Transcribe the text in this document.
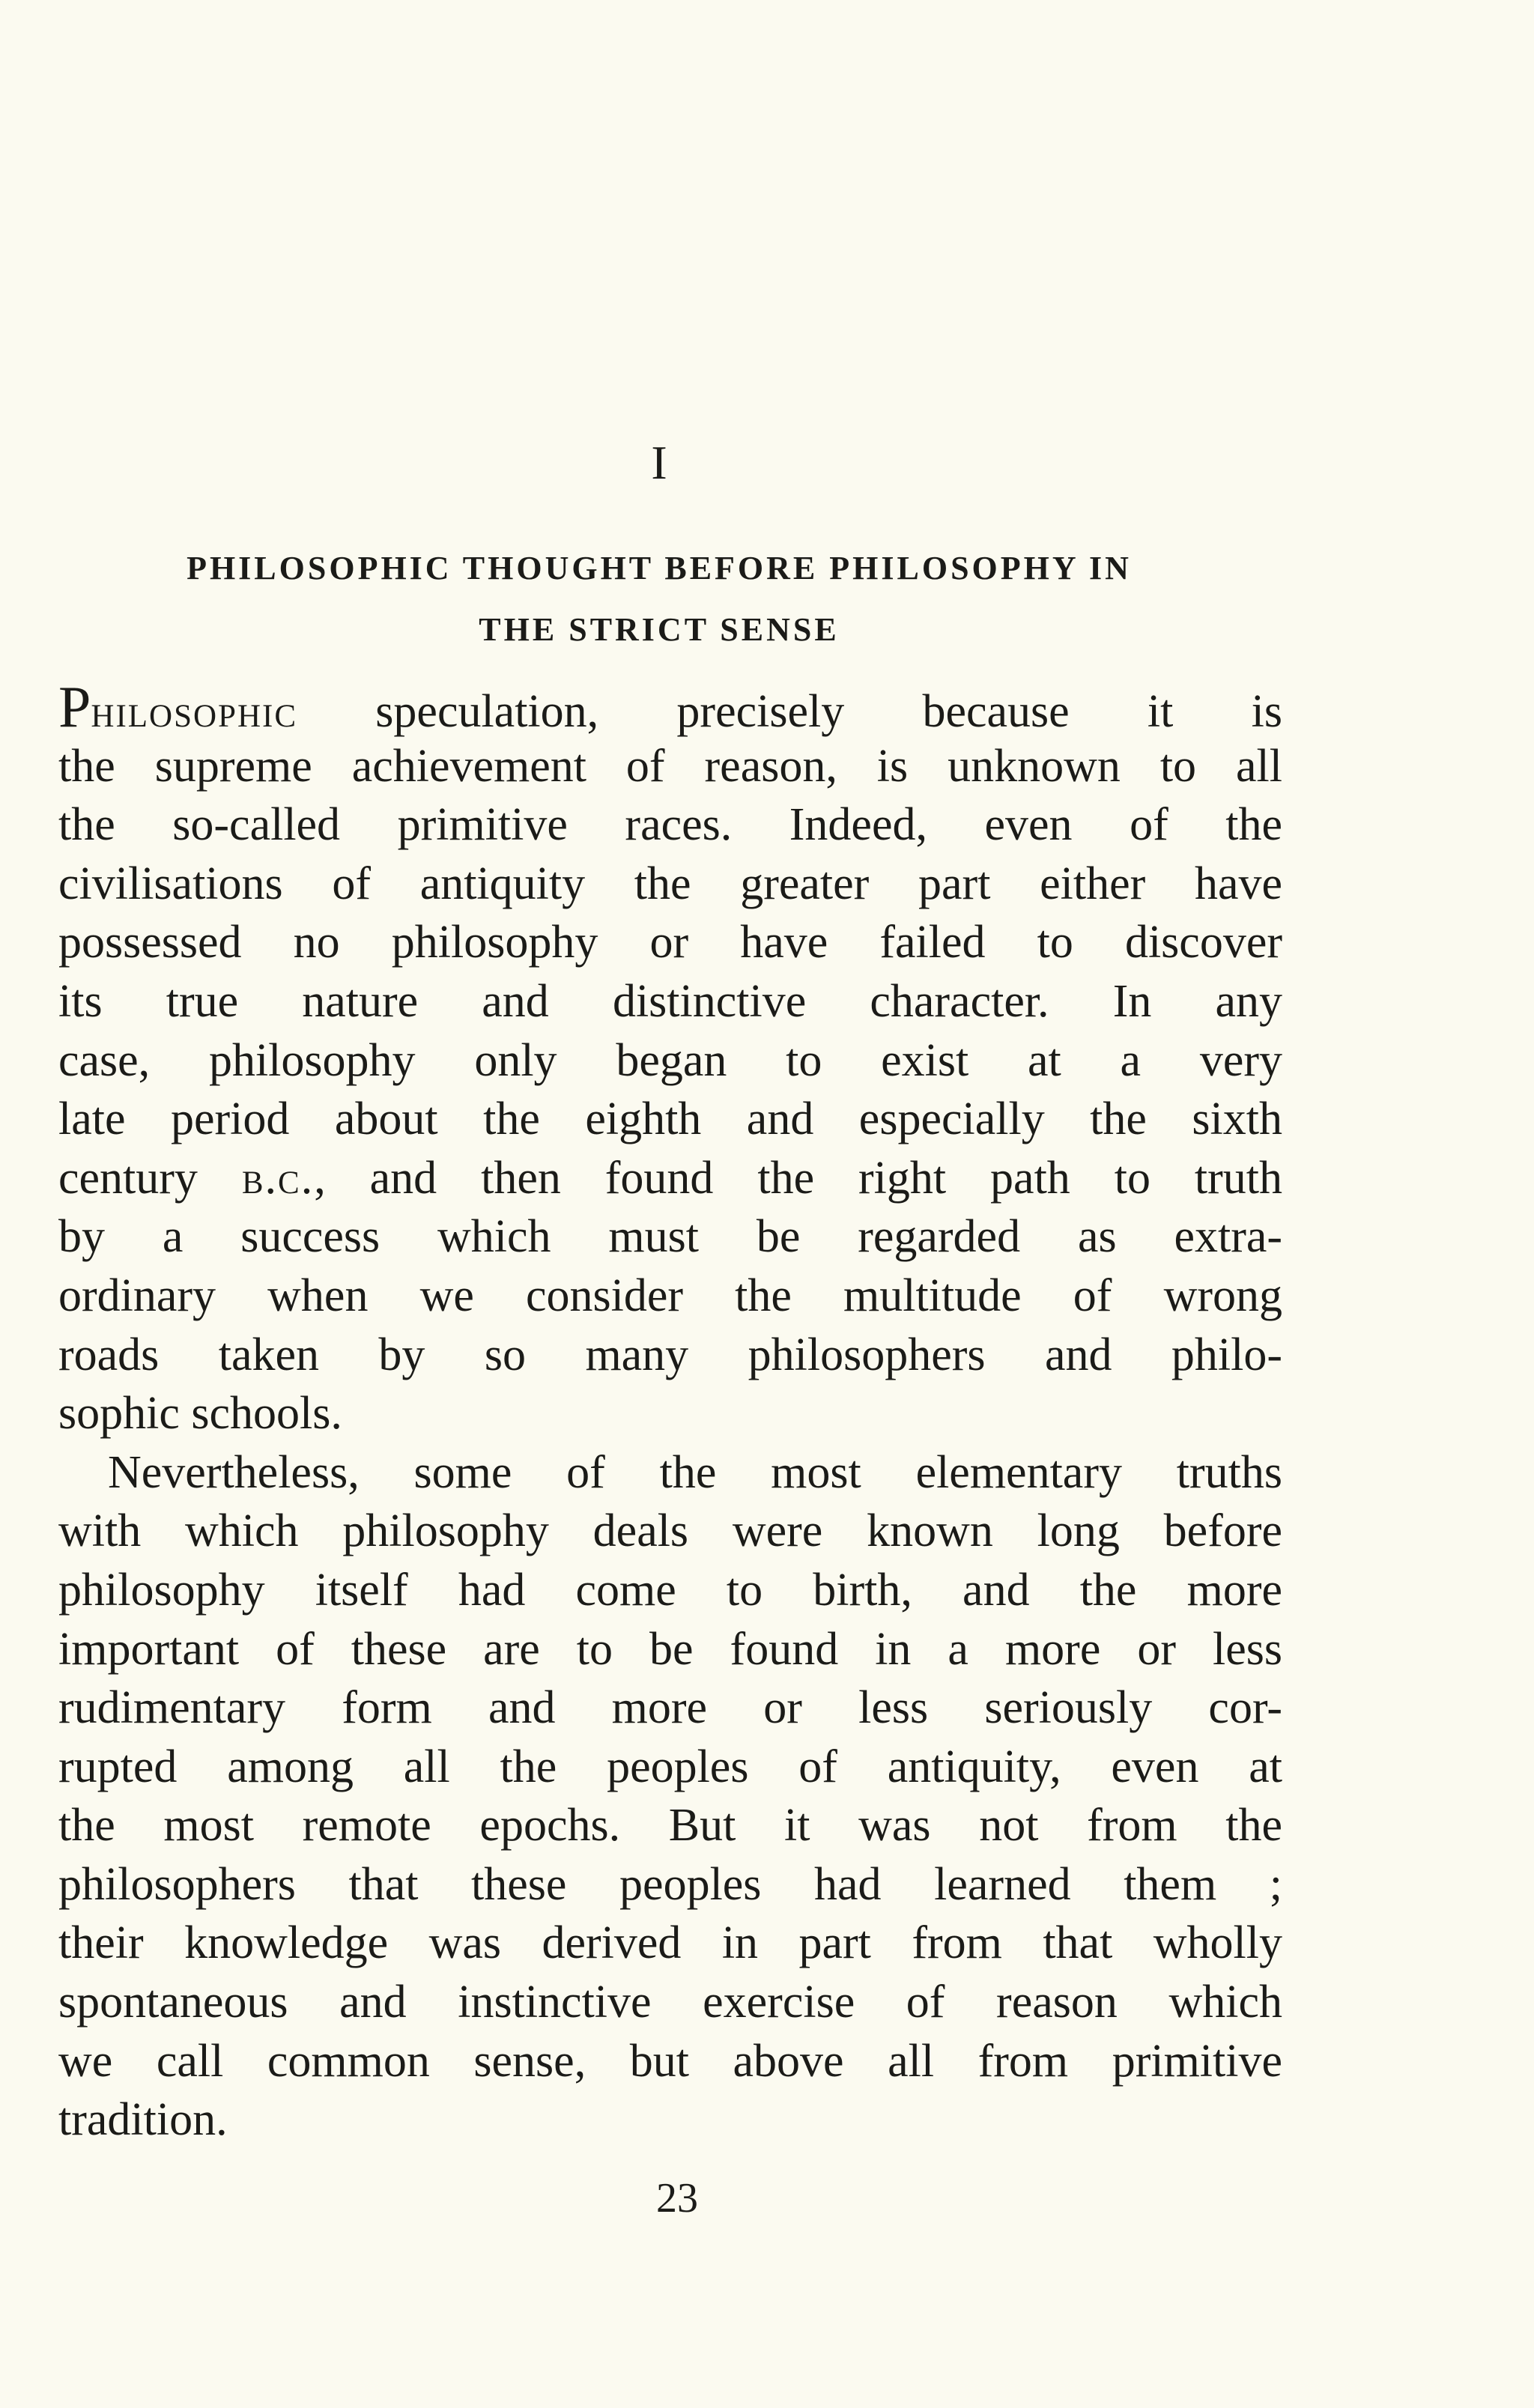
I
PHILOSOPHIC THOUGHT BEFORE PHILOSOPHY IN
THE STRICT SENSE
Philosophic speculation, precisely because it is
the supreme achievement of reason, is unknown to all
the so-called primitive races. Indeed, even of the
civilisations of antiquity the greater part either have
possessed no philosophy or have failed to discover
its true nature and distinctive character. In any
case, philosophy only began to exist at a very
late period about the eighth and especially the sixth
century b.c., and then found the right path to truth
by a success which must be regarded as extra-
ordinary when we consider the multitude of wrong
roads taken by so many philosophers and philo-
sophic schools.
Nevertheless, some of the most elementary truths
with which philosophy deals were known long before
philosophy itself had come to birth, and the more
important of these are to be found in a more or less
rudimentary form and more or less seriously cor-
rupted among all the peoples of antiquity, even at
the most remote epochs. But it was not from the
philosophers that these peoples had learned them ;
their knowledge was derived in part from that wholly
spontaneous and instinctive exercise of reason which
we call common sense, but above all from primitive
tradition.
23
